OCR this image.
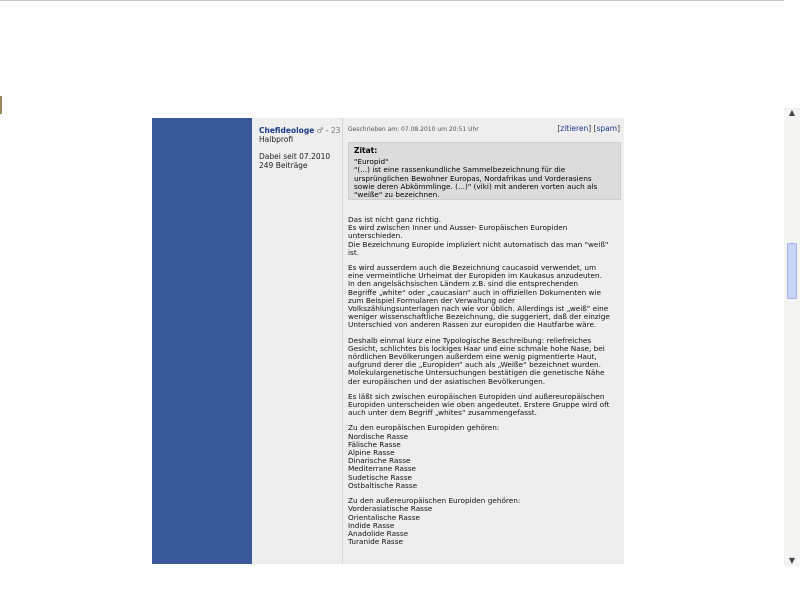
Chefideologe ♂ - 23
Halbprofi
Dabei seit 07.2010
249 Beiträge
Geschrieben am: 07.08.2010 um 20:51 Uhr	[zitieren] [spam]
Zitat:
"Europid"
"(...) ist eine rassenkundliche Sammelbezeichnung für die
ursprünglichen Bewohner Europas, Nordafrikas und Vorderasiens
sowie deren Abkömmlinge. (...)" (viki) mit anderen vorten auch als
"weiße" zu bezeichnen.
Das ist nicht ganz richtig.
Es wird zwischen Inner und Ausser- Europäischen Europiden
unterschieden.
Die Bezeichnung Europide impliziert nicht automatisch das man "weiß"
ist.
Es wird ausserdem auch die Bezeichnung caucasoid verwendet, um
eine vermeintliche Urheimat der Europiden im Kaukasus anzudeuten.
In den angelsächsischen Ländern z.B. sind die entsprechenden
Begriffe „white“ oder „caucasian“ auch in offiziellen Dokumenten wie
zum Beispiel Formularen der Verwaltung oder
Volkszählungsunterlagen nach wie vor üblich. Allerdings ist „weiß“ eine
weniger wissenschaftliche Bezeichnung, die suggeriert, daß der einzige
Unterschied von anderen Rassen zur europiden die Hautfarbe wäre.
Deshalb einmal kurz eine Typologische Beschreibung: reliefreiches
Gesicht, schlichtes bis lockiges Haar und eine schmale hohe Nase, bei
nördlichen Bevölkerungen außerdem eine wenig pigmentierte Haut,
aufgrund derer die „Europiden“ auch als „Weiße“ bezeichnet wurden.
Molekulargenetische Untersuchungen bestätigen die genetische Nähe
der europäischen und der asiatischen Bevölkerungen.
Es läßt sich zwischen europäischen Europiden und außereuropäischen
Europiden unterscheiden wie oben angedeutet. Erstere Gruppe wird oft
auch unter dem Begriff „whites“ zusammengefasst.
Zu den europäischen Europiden gehören:
Nordische Rasse
Fälische Rasse
Alpine Rasse
Dinarische Rasse
Mediterrane Rasse
Sudetische Rasse
Ostbaltische Rasse
Zu den außereuropäischen Europiden gehören:
Vorderasiatische Rasse
Orientalische Rasse
Indide Rasse
Anadolide Rasse
Turanide Rasse
▲
▼
